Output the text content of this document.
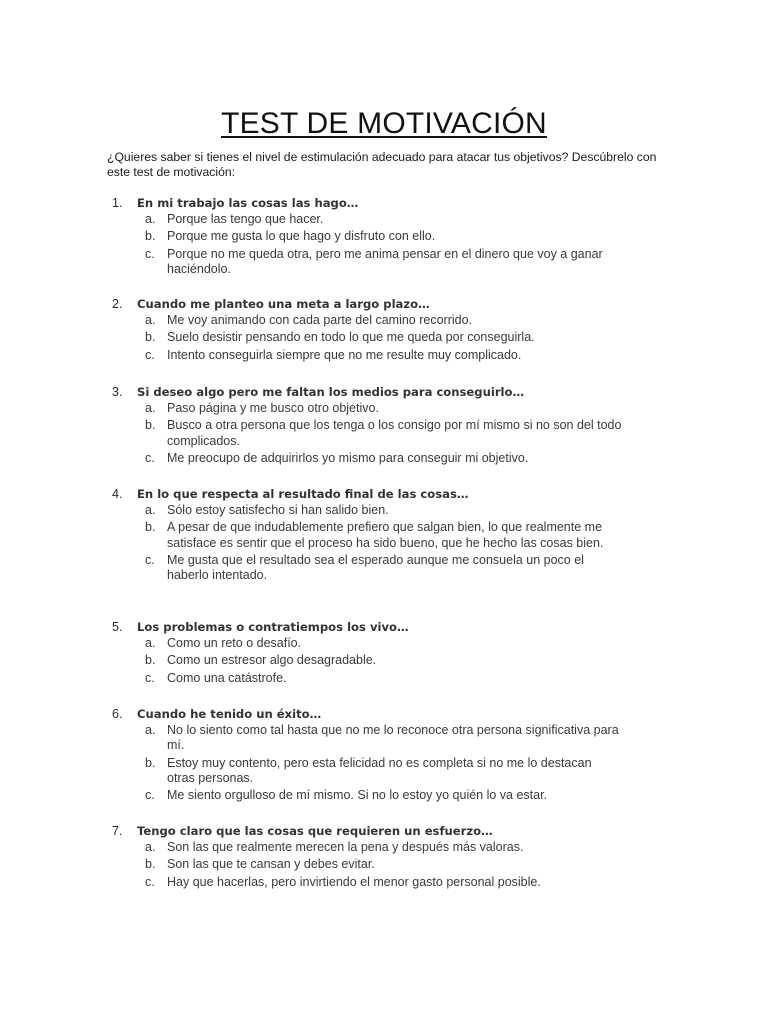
TEST DE MOTIVACIÓN

¿Quieres saber si tienes el nivel de estimulación adecuado para atacar tus objetivos? Descúbrelo con este test de motivación:

1. En mi trabajo las cosas las hago…
a. Porque las tengo que hacer.
b. Porque me gusta lo que hago y disfruto con ello.
c. Porque no me queda otra, pero me anima pensar en el dinero que voy a ganar haciéndolo.
2. Cuando me planteo una meta a largo plazo…
a. Me voy animando con cada parte del camino recorrido.
b. Suelo desistir pensando en todo lo que me queda por conseguirla.
c. Intento conseguirla siempre que no me resulte muy complicado.
3. Si deseo algo pero me faltan los medios para conseguirlo…
a. Paso página y me busco otro objetivo.
b. Busco a otra persona que los tenga o los consigo por mí mismo si no son del todo complicados.
c. Me preocupo de adquirirlos yo mismo para conseguir mi objetivo.
4. En lo que respecta al resultado final de las cosas…
a. Sólo estoy satisfecho si han salido bien.
b. A pesar de que indudablemente prefiero que salgan bien, lo que realmente me satisface es sentir que el proceso ha sido bueno, que he hecho las cosas bien.
c. Me gusta que el resultado sea el esperado aunque me consuela un poco el haberlo intentado.
5. Los problemas o contratiempos los vivo…
a. Como un reto o desafío.
b. Como un estresor algo desagradable.
c. Como una catástrofe.
6. Cuando he tenido un éxito…
a. No lo siento como tal hasta que no me lo reconoce otra persona significativa para mí.
b. Estoy muy contento, pero esta felicidad no es completa si no me lo destacan otras personas.
c. Me siento orgulloso de mí mismo. Si no lo estoy yo quién lo va estar.
7. Tengo claro que las cosas que requieren un esfuerzo…
a. Son las que realmente merecen la pena y después más valoras.
b. Son las que te cansan y debes evitar.
c. Hay que hacerlas, pero invirtiendo el menor gasto personal posible.
